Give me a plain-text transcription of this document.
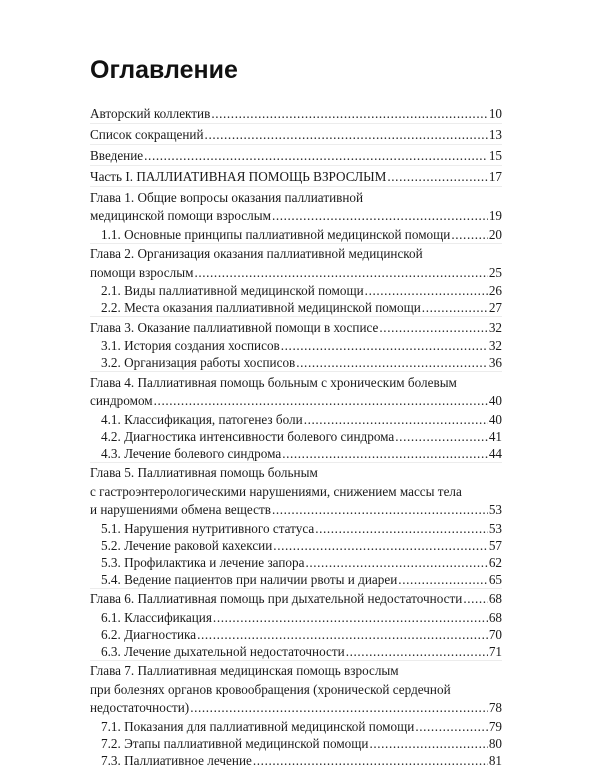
Оглавление
Авторский коллектив .....	10
Список сокращений .....	13
Введение .....	15
Часть I. ПАЛЛИАТИВНАЯ ПОМОЩЬ ВЗРОСЛЫМ .....	17
Глава 1. Общие вопросы оказания паллиативной
медицинской помощи взрослым .....	19
1.1. Основные принципы паллиативной медицинской помощи .....	20
Глава 2. Организация оказания паллиативной медицинской
помощи взрослым .....	25
2.1. Виды паллиативной медицинской помощи .....	26
2.2. Места оказания паллиативной медицинской помощи .....	27
Глава 3. Оказание паллиативной помощи в хосписе .....	32
3.1. История создания хосписов .....	32
3.2. Организация работы хосписов .....	36
Глава 4. Паллиативная помощь больным с хроническим болевым
синдромом .....	40
4.1. Классификация, патогенез боли .....	40
4.2. Диагностика интенсивности болевого синдрома .....	41
4.3. Лечение болевого синдрома .....	44
Глава 5. Паллиативная помощь больным
с гастроэнтерологическими нарушениями, снижением массы тела
и нарушениями обмена веществ .....	53
5.1. Нарушения нутритивного статуса .....	53
5.2. Лечение раковой кахексии .....	57
5.3. Профилактика и лечение запора .....	62
5.4. Ведение пациентов при наличии рвоты и диареи .....	65
Глава 6. Паллиативная помощь при дыхательной недостаточности ..... 68
6.1. Классификация .....	68
6.2. Диагностика .....	70
6.3. Лечение дыхательной недостаточности .....	71
Глава 7. Паллиативная медицинская помощь взрослым
при болезнях органов кровообращения (хронической сердечной
недостаточности) .....	78
7.1. Показания для паллиативной медицинской помощи .....	79
7.2. Этапы паллиативной медицинской помощи .....	80
7.3. Паллиативное лечение .....	81
